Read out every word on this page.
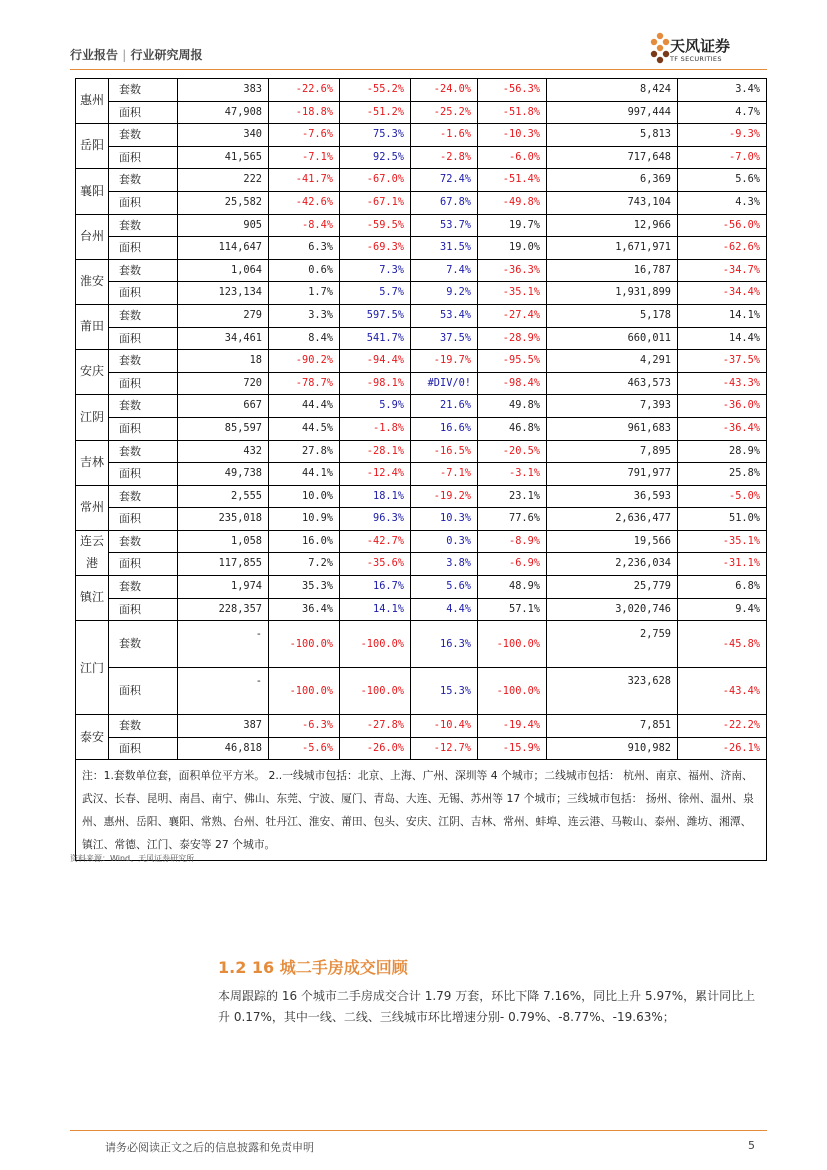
行业报告 | 行业研究周报	天风证券
TF SECURITIES
惠州	套数	383	-22.6%	-55.2%	-24.0%	-56.3%	8,424	3.4%
	面积	47,908	-18.8%	-51.2%	-25.2%	-51.8%	997,444	4.7%
岳阳	套数	340	-7.6%	75.3%	-1.6%	-10.3%	5,813	-9.3%
	面积	41,565	-7.1%	92.5%	-2.8%	-6.0%	717,648	-7.0%
襄阳	套数	222	-41.7%	-67.0%	72.4%	-51.4%	6,369	5.6%
	面积	25,582	-42.6%	-67.1%	67.8%	-49.8%	743,104	4.3%
台州	套数	905	-8.4%	-59.5%	53.7%	19.7%	12,966	-56.0%
	面积	114,647	6.3%	-69.3%	31.5%	19.0%	1,671,971	-62.6%
淮安	套数	1,064	0.6%	7.3%	7.4%	-36.3%	16,787	-34.7%
	面积	123,134	1.7%	5.7%	9.2%	-35.1%	1,931,899	-34.4%
莆田	套数	279	3.3%	597.5%	53.4%	-27.4%	5,178	14.1%
	面积	34,461	8.4%	541.7%	37.5%	-28.9%	660,011	14.4%
安庆	套数	18	-90.2%	-94.4%	-19.7%	-95.5%	4,291	-37.5%
	面积	720	-78.7%	-98.1%	#DIV/0!	-98.4%	463,573	-43.3%
江阴	套数	667	44.4%	5.9%	21.6%	49.8%	7,393	-36.0%
	面积	85,597	44.5%	-1.8%	16.6%	46.8%	961,683	-36.4%
吉林	套数	432	27.8%	-28.1%	-16.5%	-20.5%	7,895	28.9%
	面积	49,738	44.1%	-12.4%	-7.1%	-3.1%	791,977	25.8%
常州	套数	2,555	10.0%	18.1%	-19.2%	23.1%	36,593	-5.0%
	面积	235,018	10.9%	96.3%	10.3%	77.6%	2,636,477	51.0%
连云港	套数	1,058	16.0%	-42.7%	0.3%	-8.9%	19,566	-35.1%
	面积	117,855	7.2%	-35.6%	3.8%	-6.9%	2,236,034	-31.1%
镇江	套数	1,974	35.3%	16.7%	5.6%	48.9%	25,779	6.8%
	面积	228,357	36.4%	14.1%	4.4%	57.1%	3,020,746	9.4%
江门	套数	-	-100.0%	-100.0%	16.3%	-100.0%	2,759	-45.8%
	面积	-	-100.0%	-100.0%	15.3%	-100.0%	323,628	-43.4%
泰安	套数	387	-6.3%	-27.8%	-10.4%	-19.4%	7,851	-22.2%
	面积	46,818	-5.6%	-26.0%	-12.7%	-15.9%	910,982	-26.1%
注：1.套数单位套，面积单位平方米。 2..一线城市包括：北京、上海、广州、深圳等 4 个城市；二线城市包括： 杭州、南京、福州、济南、武汉、长春、昆明、南昌、南宁、佛山、东莞、宁波、厦门、青岛、大连、无锡、苏州等 17 个城市；三线城市包括： 扬州、徐州、温州、泉州、惠州、岳阳、襄阳、常熟、台州、牡丹江、淮安、莆田、包头、安庆、江阴、吉林、常州、蚌埠、连云港、马鞍山、泰州、潍坊、湘潭、镇江、常德、江门、泰安等 27 个城市。								
资料来源：Wind、天风证券研究所
1.2 16 城二手房成交回顾
本周跟踪的 16 个城市二手房成交合计 1.79 万套，环比下降 7.16%，同比上升 5.97%，累计同比上升 0.17%，其中一线、二线、三线城市环比增速分别- 0.79%、-8.77%、-19.63%；
请务必阅读正文之后的信息披露和免责申明	5
